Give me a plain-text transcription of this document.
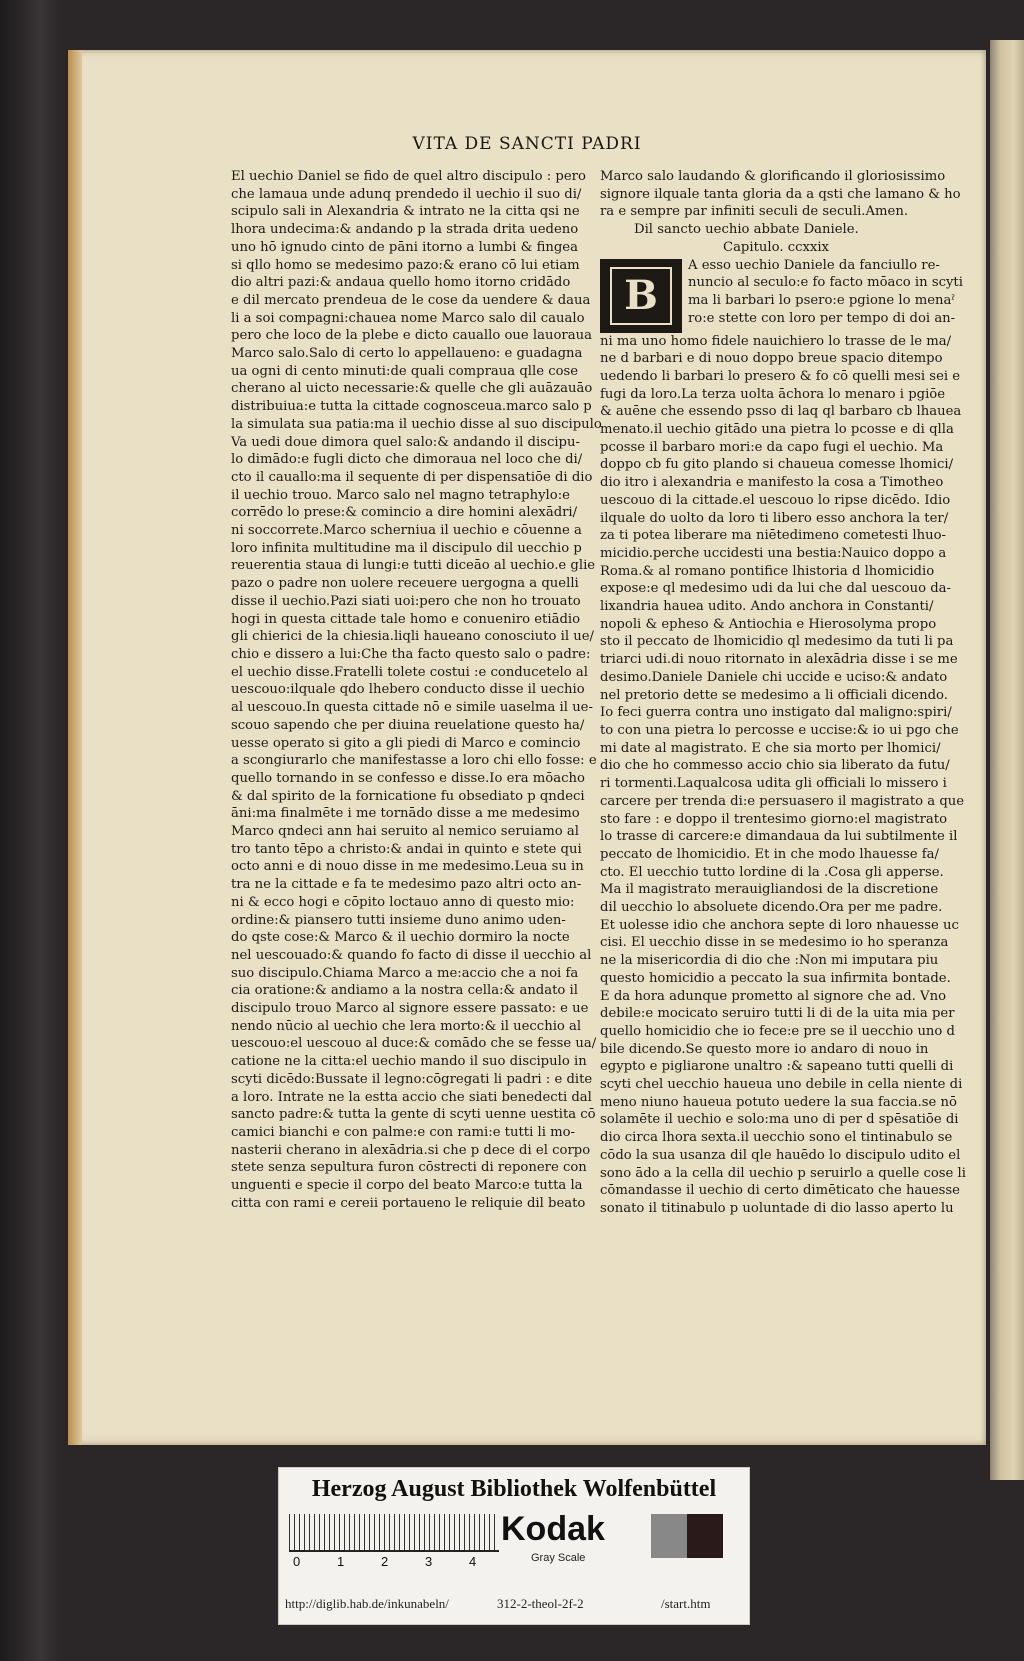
VITA DE SANCTI PADRI
El uechio Daniel se fido de quel altro discipulo : pero
che lamaua unde adunq prendedo il uechio il suo di/
scipulo sali in Alexandria & intrato ne la citta qsi ne
lhora undecima:& andando p la strada drita uedeno
uno hō ignudo cinto de pāni itorno a lumbi & fingea
si qllo homo se medesimo pazo:& erano cō lui etiam
dio altri pazi:& andaua quello homo itorno cridādo
e dil mercato prendeua de le cose da uendere & daua
li a soi compagni:chauea nome Marco salo dil caualo
pero che loco de la plebe e dicto cauallo oue lauoraua
Marco salo.Salo di certo lo appellaueno: e guadagna
ua ogni di cento minuti:de quali compraua qlle cose
cherano al uicto necessarie:& quelle che gli auāzauāo
distribuiua:e tutta la cittade cognosceua.marco salo p
la simulata sua patia:ma il uechio disse al suo discipulo
Va uedi doue dimora quel salo:& andando il discipu-
lo dimādo:e fugli dicto che dimoraua nel loco che di/
cto il cauallo:ma il sequente di per dispensatiōe di dio
il uechio trouo. Marco salo nel magno tetraphylo:e
corrēdo lo prese:& comincio a dire homini alexādri/
ni soccorrete.Marco scherniua il uechio e cōuenne a
loro infinita multitudine ma il discipulo dil uecchio p
reuerentia staua di lungi:e tutti diceāo al uechio.e glie
pazo o padre non uolere receuere uergogna a quelli
disse il uechio.Pazi siati uoi:pero che non ho trouato
hogi in questa cittade tale homo e conueniro etiādio
gli chierici de la chiesia.liqli haueano conosciuto il ue/
chio e dissero a lui:Che tha facto questo salo o padre:
el uechio disse.Fratelli tolete costui :e conducetelo al
uescouo:ilquale qdo lhebero conducto disse il uechio
al uescouo.In questa cittade nō e simile uaselma il ue-
scouo sapendo che per diuina reuelatione questo ha/
uesse operato si gito a gli piedi di Marco e comincio
a scongiurarlo che manifestasse a loro chi ello fosse: e
quello tornando in se confesso e disse.Io era mōacho
& dal spirito de la fornicatione fu obsediato p qndeci
āni:ma finalmēte i me tornādo disse a me medesimo
Marco qndeci ann hai seruito al nemico seruiamo al
tro tanto tēpo a christo:& andai in quinto e stete qui
octo anni e di nouo disse in me medesimo.Leua su in
tra ne la cittade e fa te medesimo pazo altri octo an-
ni & ecco hogi e cōpito loctauo anno di questo mio:
ordine:& piansero tutti insieme duno animo uden-
do qste cose:& Marco & il uechio dormiro la nocte
nel uescouado:& quando fo facto di disse il uecchio al
suo discipulo.Chiama Marco a me:accio che a noi fa
cia oratione:& andiamo a la nostra cella:& andato il
discipulo trouo Marco al signore essere passato: e ue
nendo nūcio al uechio che lera morto:& il uecchio al
uescouo:el uescouo al duce:& comādo che se fesse ua/
catione ne la citta:el uechio mando il suo discipulo in
scyti dicēdo:Bussate il legno:cōgregati li padri : e dite
a loro. Intrate ne la estta accio che siati benedecti dal
sancto padre:& tutta la gente di scyti uenne uestita cō
camici bianchi e con palme:e con rami:e tutti li mo-
nasterii cherano in alexādria.si che p dece di el corpo
stete senza sepultura furon cōstrecti di reponere con
unguenti e specie il corpo del beato Marco:e tutta la
citta con rami e cereii portaueno le reliquie dil beato
Marco salo laudando & glorificando il gloriosissimo
signore ilquale tanta gloria da a qsti che lamano & ho
ra e sempre par infiniti seculi de seculi.Amen.
Dil sancto uechio abbate Daniele.
Capitulo. ccxxix
B
A esso uechio Daniele da fanciullo re-
nuncio al seculo:e fo facto mōaco in scyti
ma li barbari lo psero:e pgione lo menaˀ
ro:e stette con loro per tempo di doi an-
ni ma uno homo fidele nauichiero lo trasse de le ma/
ne d barbari e di nouo doppo breue spacio ditempo
uedendo li barbari lo presero & fo cō quelli mesi sei e
fugi da loro.La terza uolta āchora lo menaro i pgiōe
& auēne che essendo psso di laq ql barbaro cb lhaueа
menato.il uechio gitādo una pietra lo pcosse e di qlla
pcosse il barbaro mori:e da capo fugi el uechio. Ma
doppo cb fu gito plando si chaueua comesse lhomici/
dio itro i alexandria e manifesto la cosa a Timotheo
uescouo di la cittade.el uescouo lo ripse dicēdo. Idio
ilquale do uolto da loro ti libero esso anchora la ter/
za ti potea liberare ma niētedimeno cometesti lhuo-
micidio.perche uccidesti una bestia:Nauico doppo a
Roma.& al romano pontifice lhistoria d lhomicidio
expose:e ql medesimo udi da lui che dal uescouo da-
lixandria hauea udito. Ando anchora in Constanti/
nopoli & epheso & Antiochia e Hierosolyma propo
sto il peccato de lhomicidio ql medesimo da tuti li pa
triarci udi.di nouo ritornato in alexādria disse i se me
desimo.Daniele Daniele chi uccide e uciso:& andato
nel pretorio dette se medesimo a li officiali dicendo.
Io feci guerra contra uno instigato dal maligno:spiri/
to con una pietra lo percosse e uccise:& io ui pgo che
mi date al magistrato. E che sia morto per lhomici/
dio che ho commesso accio chio sia liberato da futu/
ri tormenti.Laqualcosa udita gli officiali lo missero i
carcere per trenda di:e persuasero il magistrato a que
sto fare : e doppo il trentesimo giorno:el magistrato
lo trasse di carcere:e dimandaua da lui subtilmente il
peccato de lhomicidio. Et in che modo lhauesse fa/
cto. El uecchio tutto lordine di la .Cosa gli apperse.
Ma il magistrato merauigliandosi de la discretione
dil uecchio lo absoluete dicendo.Ora per me padre.
Et uolesse idio che anchora septe di loro nhauesse uc
cisi. El uecchio disse in se medesimo io ho speranza
ne la misericordia di dio che :Non mi imputara piu
questo homicidio a peccato la sua infirmita bontade.
E da hora adunque prometto al signore che ad. Vno
debile:e mocicato seruiro tutti li di de la uita mia per
quello homicidio che io fece:e pre se il uecchio uno d
bile dicendo.Se questo more io andaro di nouo in
egypto e pigliarone unaltro :& sapeano tutti quelli di
scyti chel uecchio haueua uno debile in cella niente di
meno niuno haueua potuto uedere la sua faccia.se nō
solamēte il uechio e solo:ma uno di per d spēsatiōe di
dio circa lhora sexta.il uecchio sono el tintinabulo se
cōdo la sua usanza dil qle hauēdo lo discipulo udito el
sono ādo a la cella dil uechio p seruirlo a quelle cose li
cōmandasse il uechio di certo dimēticato che hauesse
sonato il titinabulo p uoluntade di dio lasso aperto lu
Herzog August Bibliothek Wolfenbüttel
0	1	2	3	4
Kodak
Gray Scale
http://diglib.hab.de/inkunabeln/	312-2-theol-2f-2	/start.htm
